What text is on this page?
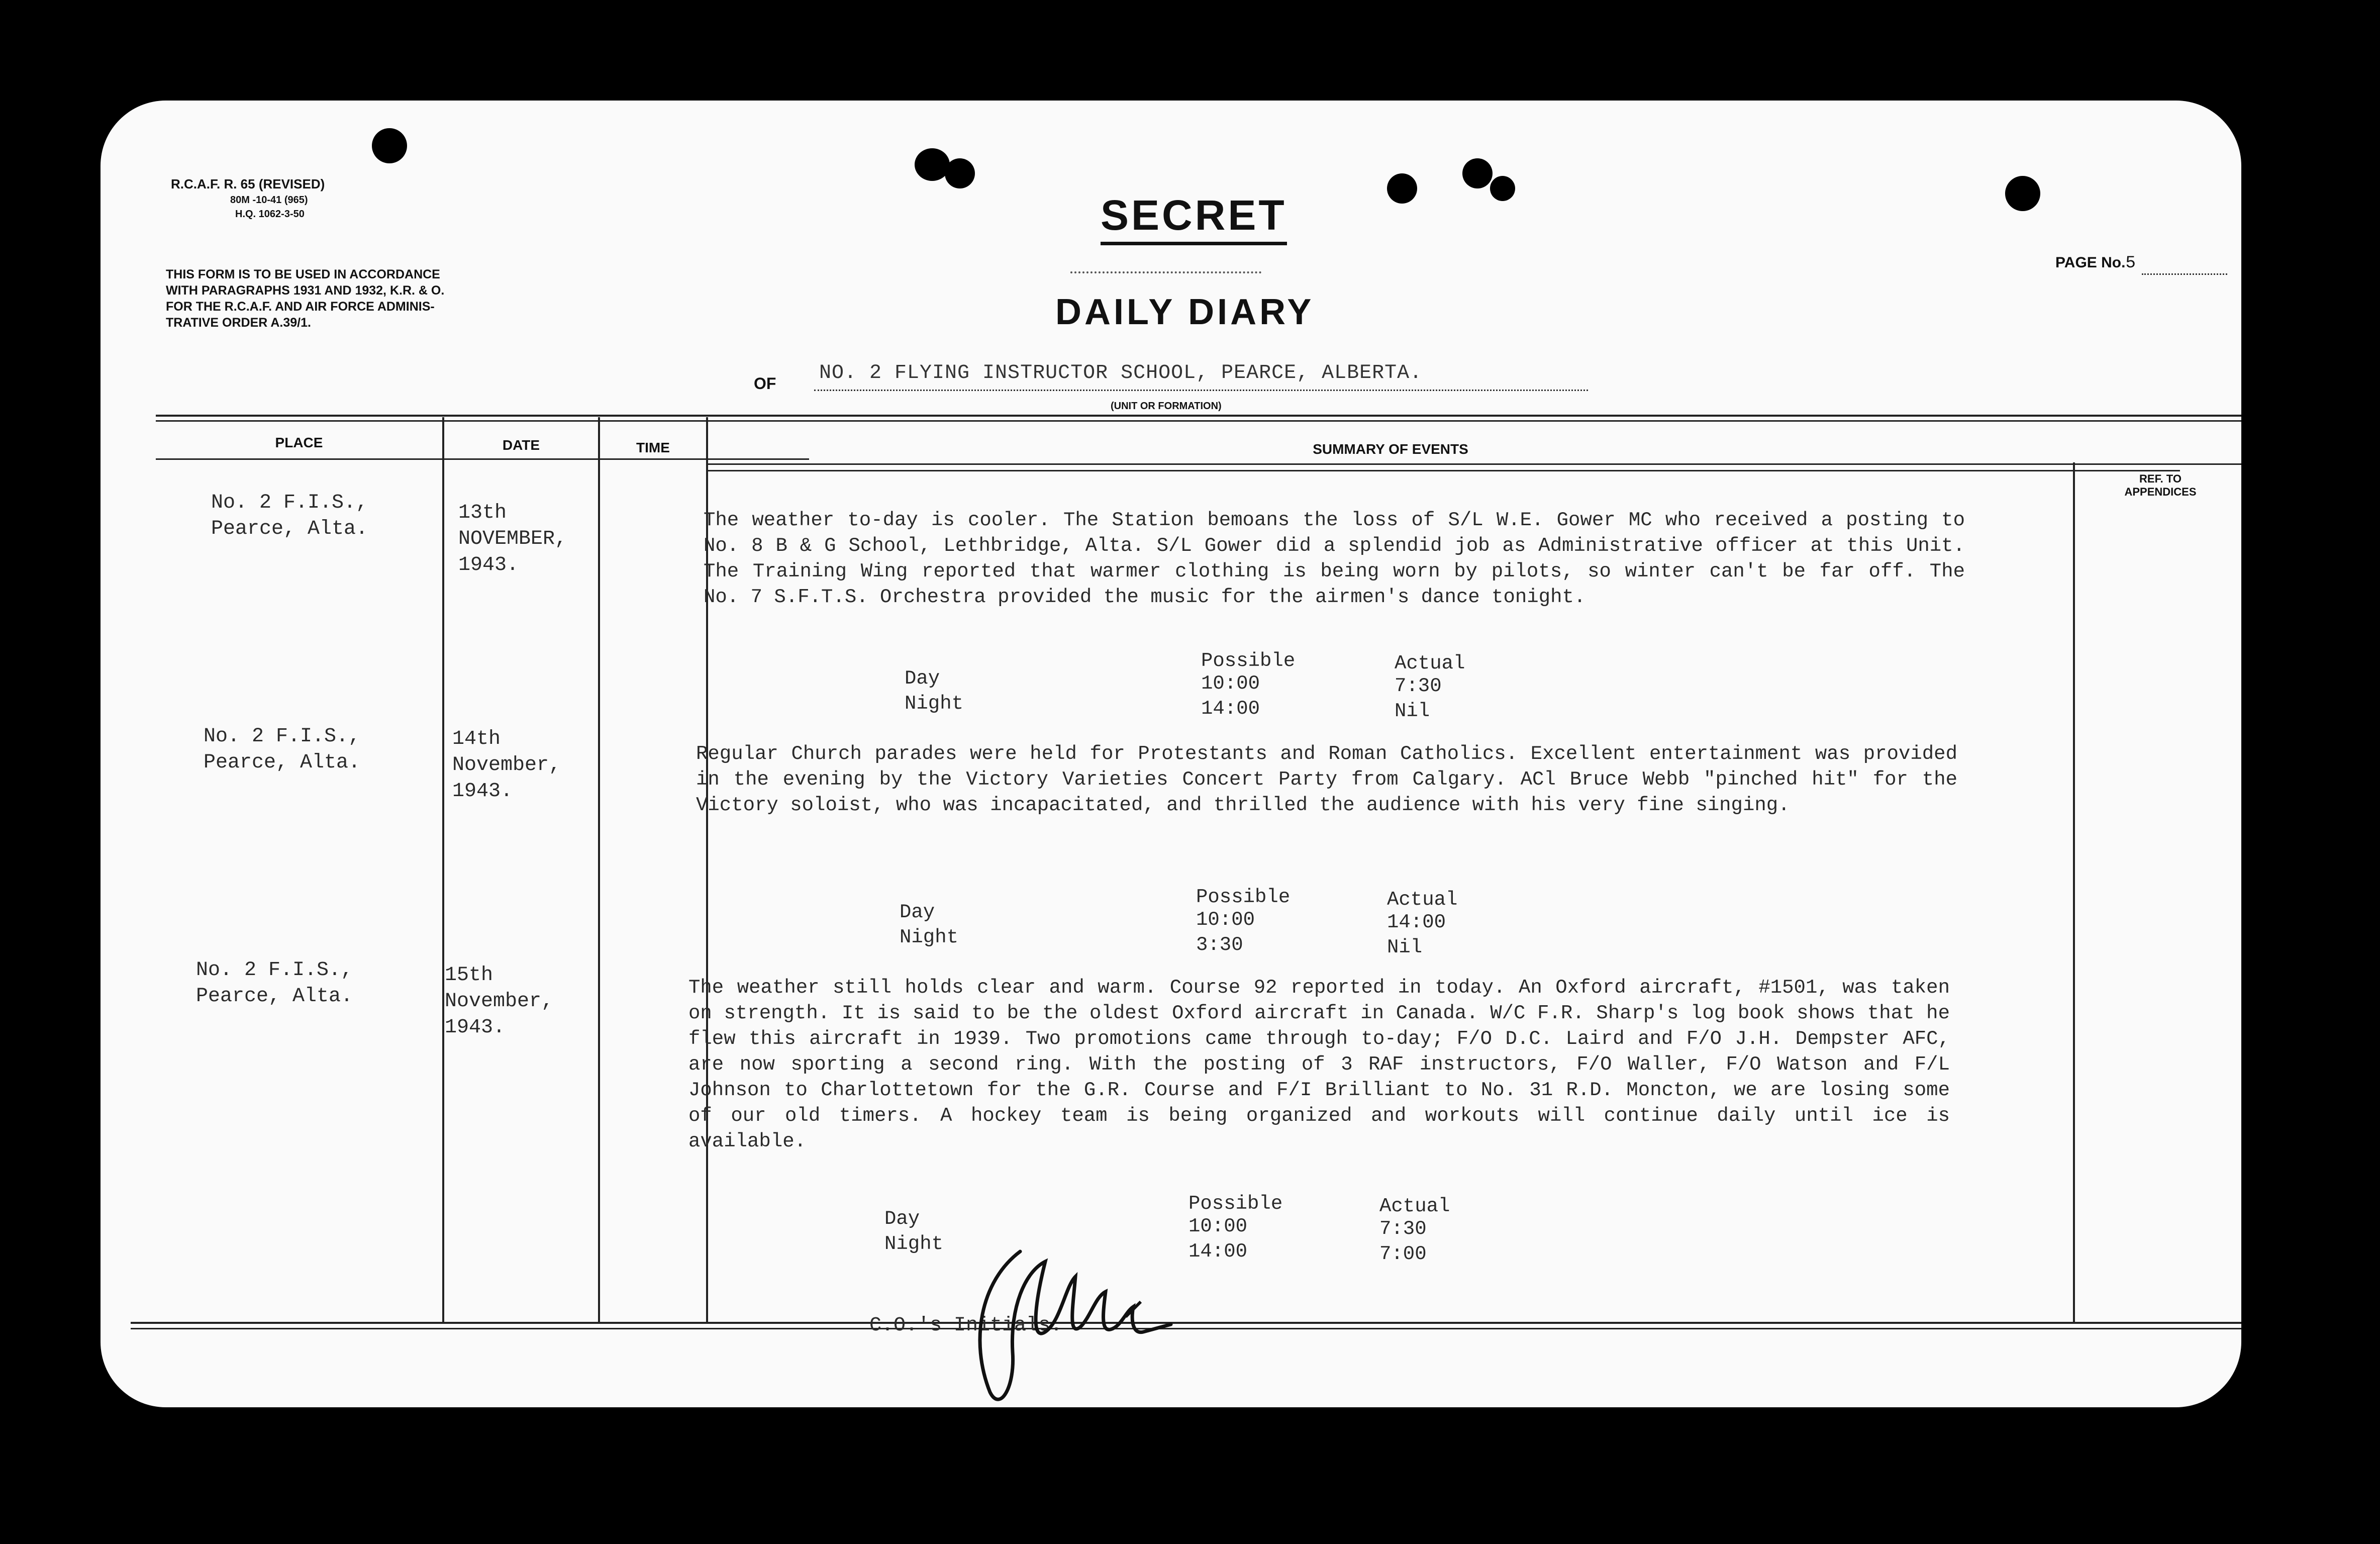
R.C.A.F. R. 65 (REVISED)
80M -10-41 (965)
H.Q. 1062-3-50
THIS FORM IS TO BE USED IN ACCORDANCE
WITH PARAGRAPHS 1931 AND 1932, K.R. & O.
FOR THE R.C.A.F. AND AIR FORCE ADMINIS-
TRATIVE ORDER A.39/1.
SECRET
DAILY DIARY
PAGE No.5
OF NO. 2 FLYING INSTRUCTOR SCHOOL, PEARCE, ALBERTA.
(UNIT OR FORMATION)
PLACE	DATE	TIME	SUMMARY OF EVENTS
REF. TO
APPENDICES
No. 2 F.I.S.,
Pearce, Alta.
13th
NOVEMBER,
1943.
The weather to-day is cooler. The Station bemoans the loss of S/L W.E. Gower MC who received a posting to No. 8 B & G School, Lethbridge, Alta. S/L Gower did a splendid job as Administrative officer at this Unit. The Training Wing reported that warmer clothing is being worn by pilots, so winter can't be far off. The No. 7 S.F.T.S. Orchestra provided the music for the airmen's dance tonight.
Possible	Actual
Day	10:00	7:30
Night	14:00	Nil
No. 2 F.I.S.,
Pearce, Alta.
14th
November,
1943.
Regular Church parades were held for Protestants and Roman Catholics. Excellent entertainment was provided in the evening by the Victory Varieties Concert Party from Calgary. ACl Bruce Webb "pinched hit" for the Victory soloist, who was incapacitated, and thrilled the audience with his very fine singing.
Possible	Actual
Day	10:00	14:00
Night	3:30	Nil
No. 2 F.I.S.,
Pearce, Alta.
15th
November,
1943.
The weather still holds clear and warm. Course 92 reported in today. An Oxford aircraft, #1501, was taken on strength. It is said to be the oldest Oxford aircraft in Canada. W/C F.R. Sharp's log book shows that he flew this aircraft in 1939. Two promotions came through to-day; F/O D.C. Laird and F/O J.H. Dempster AFC, are now sporting a second ring. With the posting of 3 RAF instructors, F/O Waller, F/O Watson and F/L Johnson to Charlottetown for the G.R. Course and F/I Brilliant to No. 31 R.D. Moncton, we are losing some of our old timers. A hockey team is being organized and workouts will continue daily until ice is available.
Possible	Actual
Day	10:00	7:30
Night	14:00	7:00
C.O.'s Initials.
